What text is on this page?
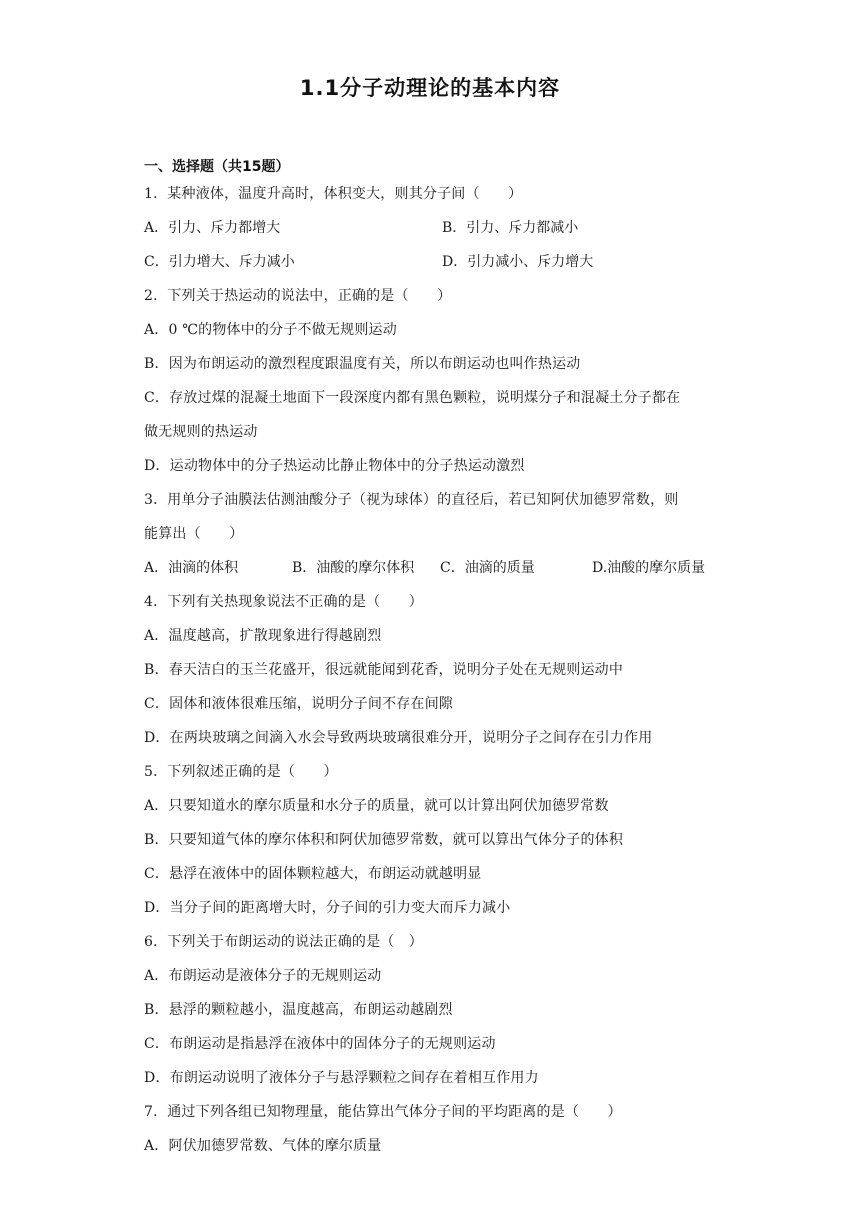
1.1分子动理论的基本内容
一、选择题（共15题）
1．某种液体，温度升高时，体积变大，则其分子间（　　）
A．引力、斥力都增大	B．引力、斥力都减小
C．引力增大、斥力减小	D．引力减小、斥力增大
2．下列关于热运动的说法中，正确的是（　　）
A．0 ℃的物体中的分子不做无规则运动
B．因为布朗运动的激烈程度跟温度有关，所以布朗运动也叫作热运动
C．存放过煤的混凝土地面下一段深度内都有黑色颗粒，说明煤分子和混凝土分子都在
做无规则的热运动
D．运动物体中的分子热运动比静止物体中的分子热运动激烈
3．用单分子油膜法估测油酸分子（视为球体）的直径后，若已知阿伏加德罗常数，则
能算出（　　）
A．油滴的体积	B．油酸的摩尔体积 C．油滴的质量	D.油酸的摩尔质量
4．下列有关热现象说法不正确的是（　　）
A．温度越高，扩散现象进行得越剧烈
B．春天洁白的玉兰花盛开，很远就能闻到花香，说明分子处在无规则运动中
C．固体和液体很难压缩，说明分子间不存在间隙
D．在两块玻璃之间滴入水会导致两块玻璃很难分开，说明分子之间存在引力作用
5．下列叙述正确的是（　　）
A．只要知道水的摩尔质量和水分子的质量，就可以计算出阿伏加德罗常数
B．只要知道气体的摩尔体积和阿伏加德罗常数，就可以算出气体分子的体积
C．悬浮在液体中的固体颗粒越大，布朗运动就越明显
D．当分子间的距离增大时，分子间的引力变大而斥力减小
6．下列关于布朗运动的说法正确的是（　）
A．布朗运动是液体分子的无规则运动
B．悬浮的颗粒越小，温度越高，布朗运动越剧烈
C．布朗运动是指悬浮在液体中的固体分子的无规则运动
D．布朗运动说明了液体分子与悬浮颗粒之间存在着相互作用力
7．通过下列各组已知物理量，能估算出气体分子间的平均距离的是（　　）
A．阿伏加德罗常数、气体的摩尔质量
